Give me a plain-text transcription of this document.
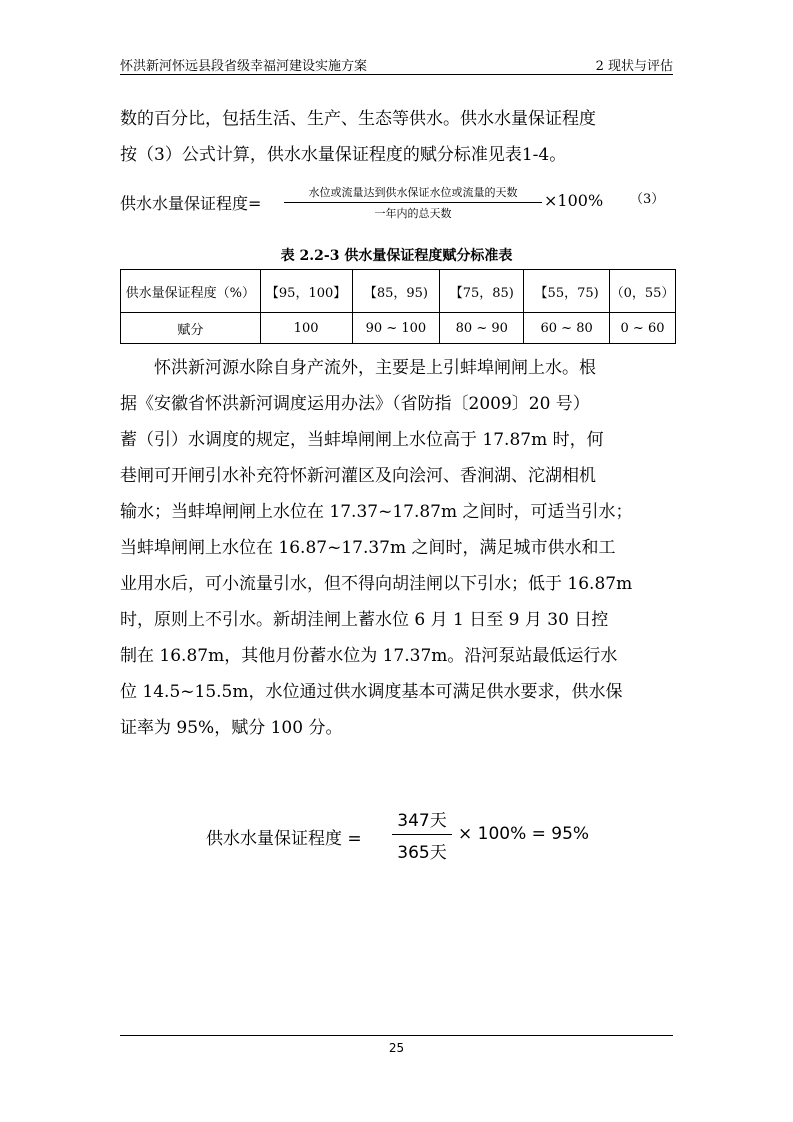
怀洪新河怀远县段省级幸福河建设实施方案	2 现状与评估
数的百分比，包括生活、生产、生态等供水。供水水量保证程度
按（3）公式计算，供水水量保证程度的赋分标准见表1-4。
供水水量保证程度=
水位或流量达到供水保证水位或流量的天数
一年内的总天数
×100% （3）
表 2.2-3 供水量保证程度赋分标准表
供水量保证程度（%）	【95，100】	【85，95)	【75，85)	【55，75)	（0，55）
赋分	100	90 ~ 100	80 ~ 90	60 ~ 80	0 ~ 60
怀洪新河源水除自身产流外，主要是上引蚌埠闸闸上水。根
据《安徽省怀洪新河调度运用办法》（省防指〔2009〕20 号）
蓄（引）水调度的规定，当蚌埠闸闸上水位高于 17.87m 时，何
巷闸可开闸引水补充符怀新河灌区及向浍河、香涧湖、沱湖相机
输水；当蚌埠闸闸上水位在 17.37~17.87m 之间时，可适当引水；
当蚌埠闸闸上水位在 16.87~17.37m 之间时，满足城市供水和工
业用水后，可小流量引水，但不得向胡洼闸以下引水；低于 16.87m
时，原则上不引水。新胡洼闸上蓄水位 6 月 1 日至 9 月 30 日控
制在 16.87m，其他月份蓄水位为 17.37m。沿河泵站最低运行水
位 14.5~15.5m，水位通过供水调度基本可满足供水要求，供水保
证率为 95%，赋分 100 分。
供水水量保证程度 =
347天
365天
× 100% = 95%
25
